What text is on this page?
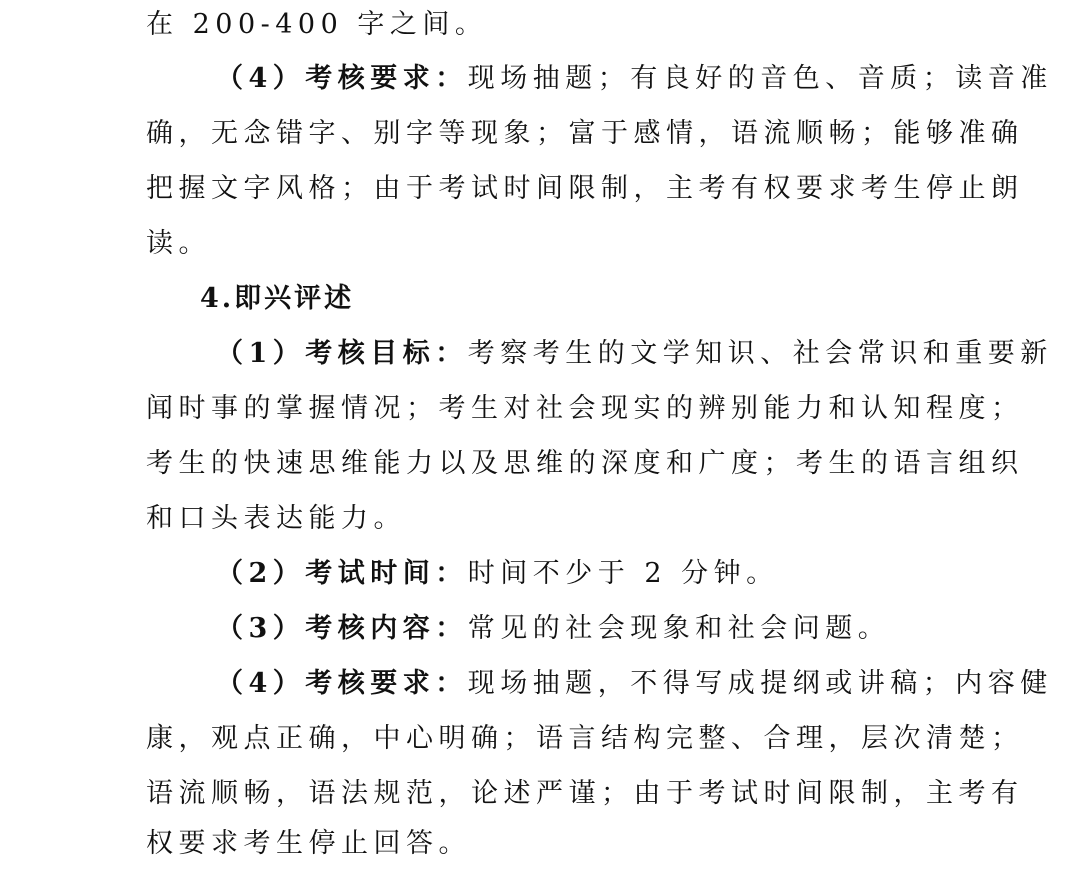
在 200-400 字之间。
（4）考核要求：现场抽题；有良好的音色、音质；读音准
确，无念错字、别字等现象；富于感情，语流顺畅；能够准确
把握文字风格；由于考试时间限制，主考有权要求考生停止朗
读。
4.即兴评述
（1）考核目标：考察考生的文学知识、社会常识和重要新
闻时事的掌握情况；考生对社会现实的辨别能力和认知程度；
考生的快速思维能力以及思维的深度和广度；考生的语言组织
和口头表达能力。
（2）考试时间：时间不少于 2 分钟。
（3）考核内容：常见的社会现象和社会问题。
（4）考核要求：现场抽题，不得写成提纲或讲稿；内容健
康，观点正确，中心明确；语言结构完整、合理，层次清楚；
语流顺畅，语法规范，论述严谨；由于考试时间限制，主考有
权要求考生停止回答。
